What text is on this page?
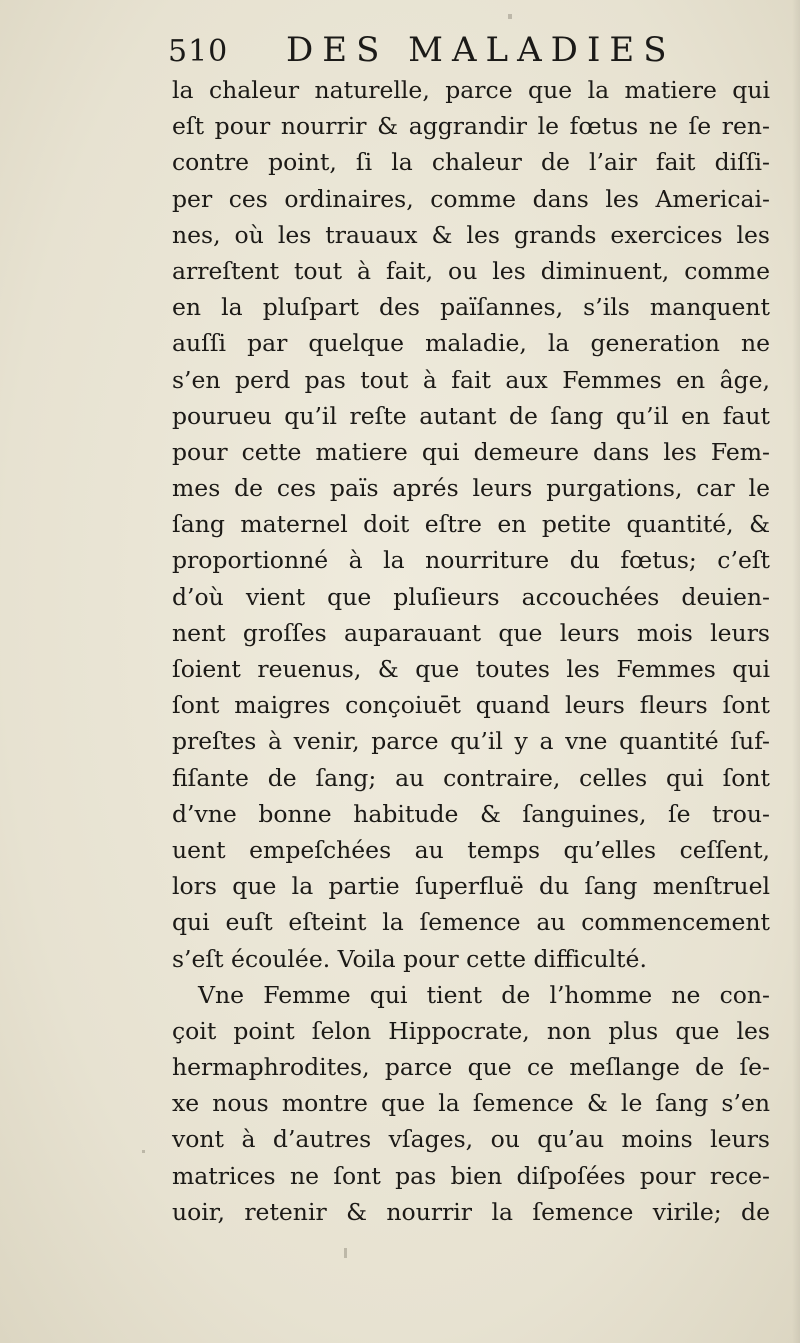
510 DES MALADIES
la chaleur naturelle, parce que la matiere qui
eſt pour nourrir & aggrandir le fœtus ne ſe ren-
contre point, ſi la chaleur de l’air fait diſſi-
per ces ordinaires, comme dans les Americai-
nes, où les trauaux & les grands exercices les
arreſtent tout à fait, ou les diminuent, comme
en la pluſpart des païſannes, s’ils manquent
auſſi par quelque maladie, la generation ne
s’en perd pas tout à fait aux Femmes en âge,
pourueu qu’il reſte autant de ſang qu’il en faut
pour cette matiere qui demeure dans les Fem-
mes de ces païs aprés leurs purgations, car le
ſang maternel doit eſtre en petite quantité, &
proportionné à la nourriture du fœtus; c’eſt
d’où vient que pluſieurs accouchées deuien-
nent groſſes auparauant que leurs mois leurs
ſoient reuenus, & que toutes les Femmes qui
ſont maigres conçoiuēt quand leurs fleurs ſont
preſtes à venir, parce qu’il y a vne quantité ſuf-
fiſante de ſang; au contraire, celles qui ſont
d’vne bonne habitude & ſanguines, ſe trou-
uent empeſchées au temps qu’elles ceſſent,
lors que la partie ſuperfluë du ſang menſtruel
qui euſt eſteint la ſemence au commencement
s’eſt écoulée. Voila pour cette difficulté.
Vne Femme qui tient de l’homme ne con-
çoit point ſelon Hippocrate, non plus que les
hermaphrodites, parce que ce meſlange de ſe-
xe nous montre que la ſemence & le ſang s’en
vont à d’autres vſages, ou qu’au moins leurs
matrices ne ſont pas bien diſpoſées pour rece-
uoir, retenir & nourrir la ſemence virile; de
